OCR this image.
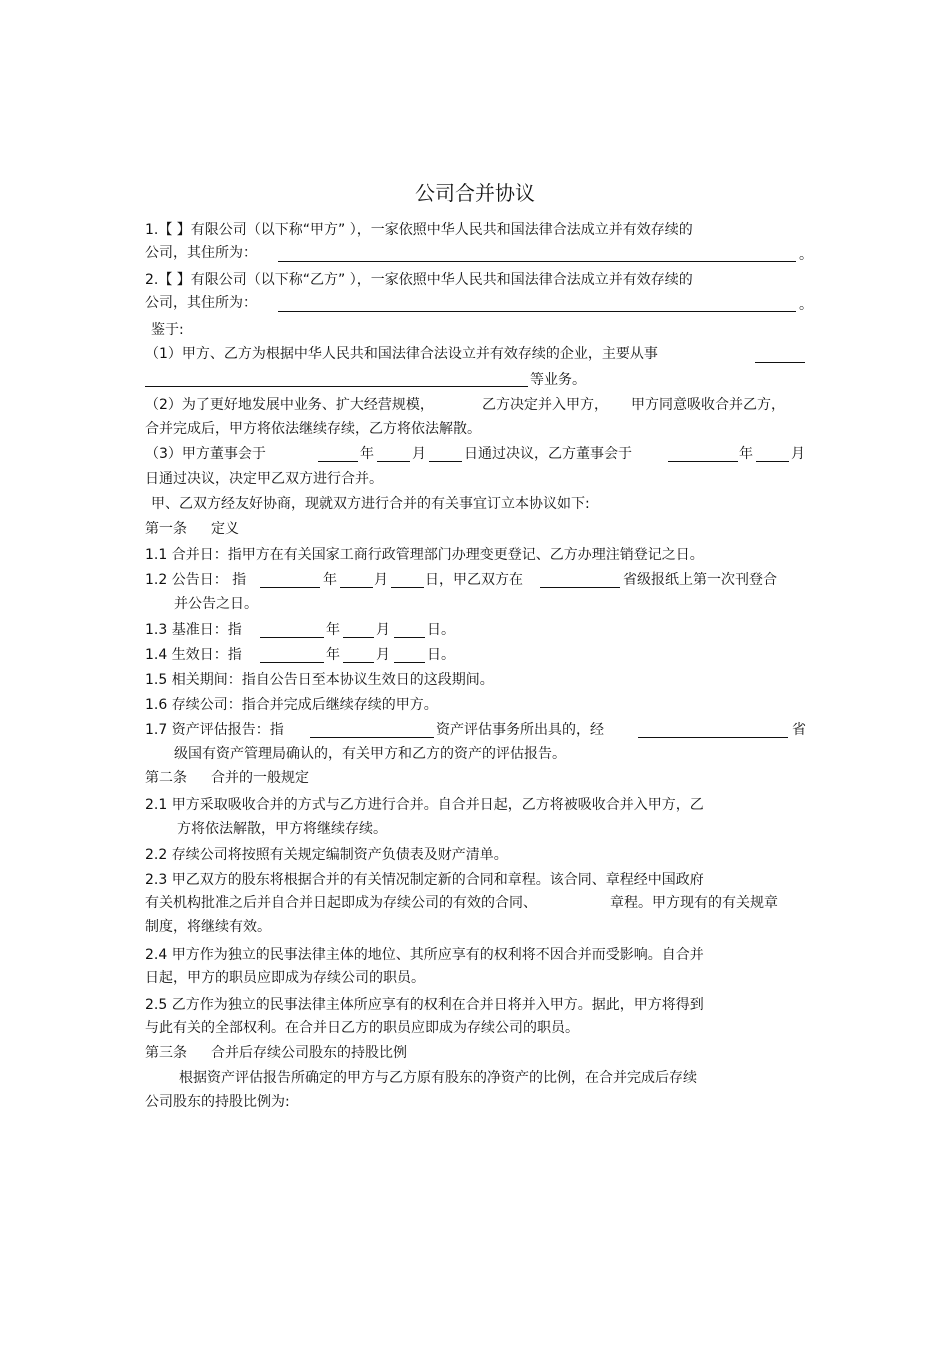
公司合并协议
1.【 】有限公司（以下称“甲方” ），一家依照中华人民共和国法律合法成立并有效存续的
公司，其住所为：	。
2.【 】有限公司（以下称“乙方” ），一家依照中华人民共和国法律合法成立并有效存续的
公司，其住所为：	。
鉴于:
（1）甲方、乙方为根据中华人民共和国法律合法设立并有效存续的企业，主要从事
等业务。
（2）为了更好地发展中业务、扩大经营规模，	乙方决定并入甲方， 甲方同意吸收合并乙方，
合并完成后，甲方将依法继续存续，乙方将依法解散。
（3）甲方董事会于	年	月	日通过决议，乙方董事会于	年	月
日通过决议，决定甲乙双方进行合并。
甲、乙双方经友好协商，现就双方进行合并的有关事宜订立本协议如下:
第一条 定义
1.1 合并日：指甲方在有关国家工商行政管理部门办理变更登记、乙方办理注销登记之日。
1.2 公告日： 指	年	月	日，甲乙双方在	省级报纸上第一次刊登合
并公告之日。
1.3 基准日：指	年	月	日。
1.4 生效日：指	年	月	日。
1.5 相关期间：指自公告日至本协议生效日的这段期间。
1.6 存续公司：指合并完成后继续存续的甲方。
1.7 资产评估报告：指	资产评估事务所出具的，经	省
级国有资产管理局确认的，有关甲方和乙方的资产的评估报告。
第二条 合并的一般规定
2.1 甲方采取吸收合并的方式与乙方进行合并。自合并日起，乙方将被吸收合并入甲方，乙
方将依法解散，甲方将继续存续。
2.2 存续公司将按照有关规定编制资产负债表及财产清单。
2.3 甲乙双方的股东将根据合并的有关情况制定新的合同和章程。该合同、章程经中国政府
有关机构批准之后并自合并日起即成为存续公司的有效的合同、	章程。甲方现有的有关规章
制度，将继续有效。
2.4 甲方作为独立的民事法律主体的地位、其所应享有的权利将不因合并而受影响。自合并
日起，甲方的职员应即成为存续公司的职员。
2.5 乙方作为独立的民事法律主体所应享有的权利在合并日将并入甲方。据此，甲方将得到
与此有关的全部权利。在合并日乙方的职员应即成为存续公司的职员。
第三条 合并后存续公司股东的持股比例
根据资产评估报告所确定的甲方与乙方原有股东的净资产的比例，在合并完成后存续
公司股东的持股比例为:
